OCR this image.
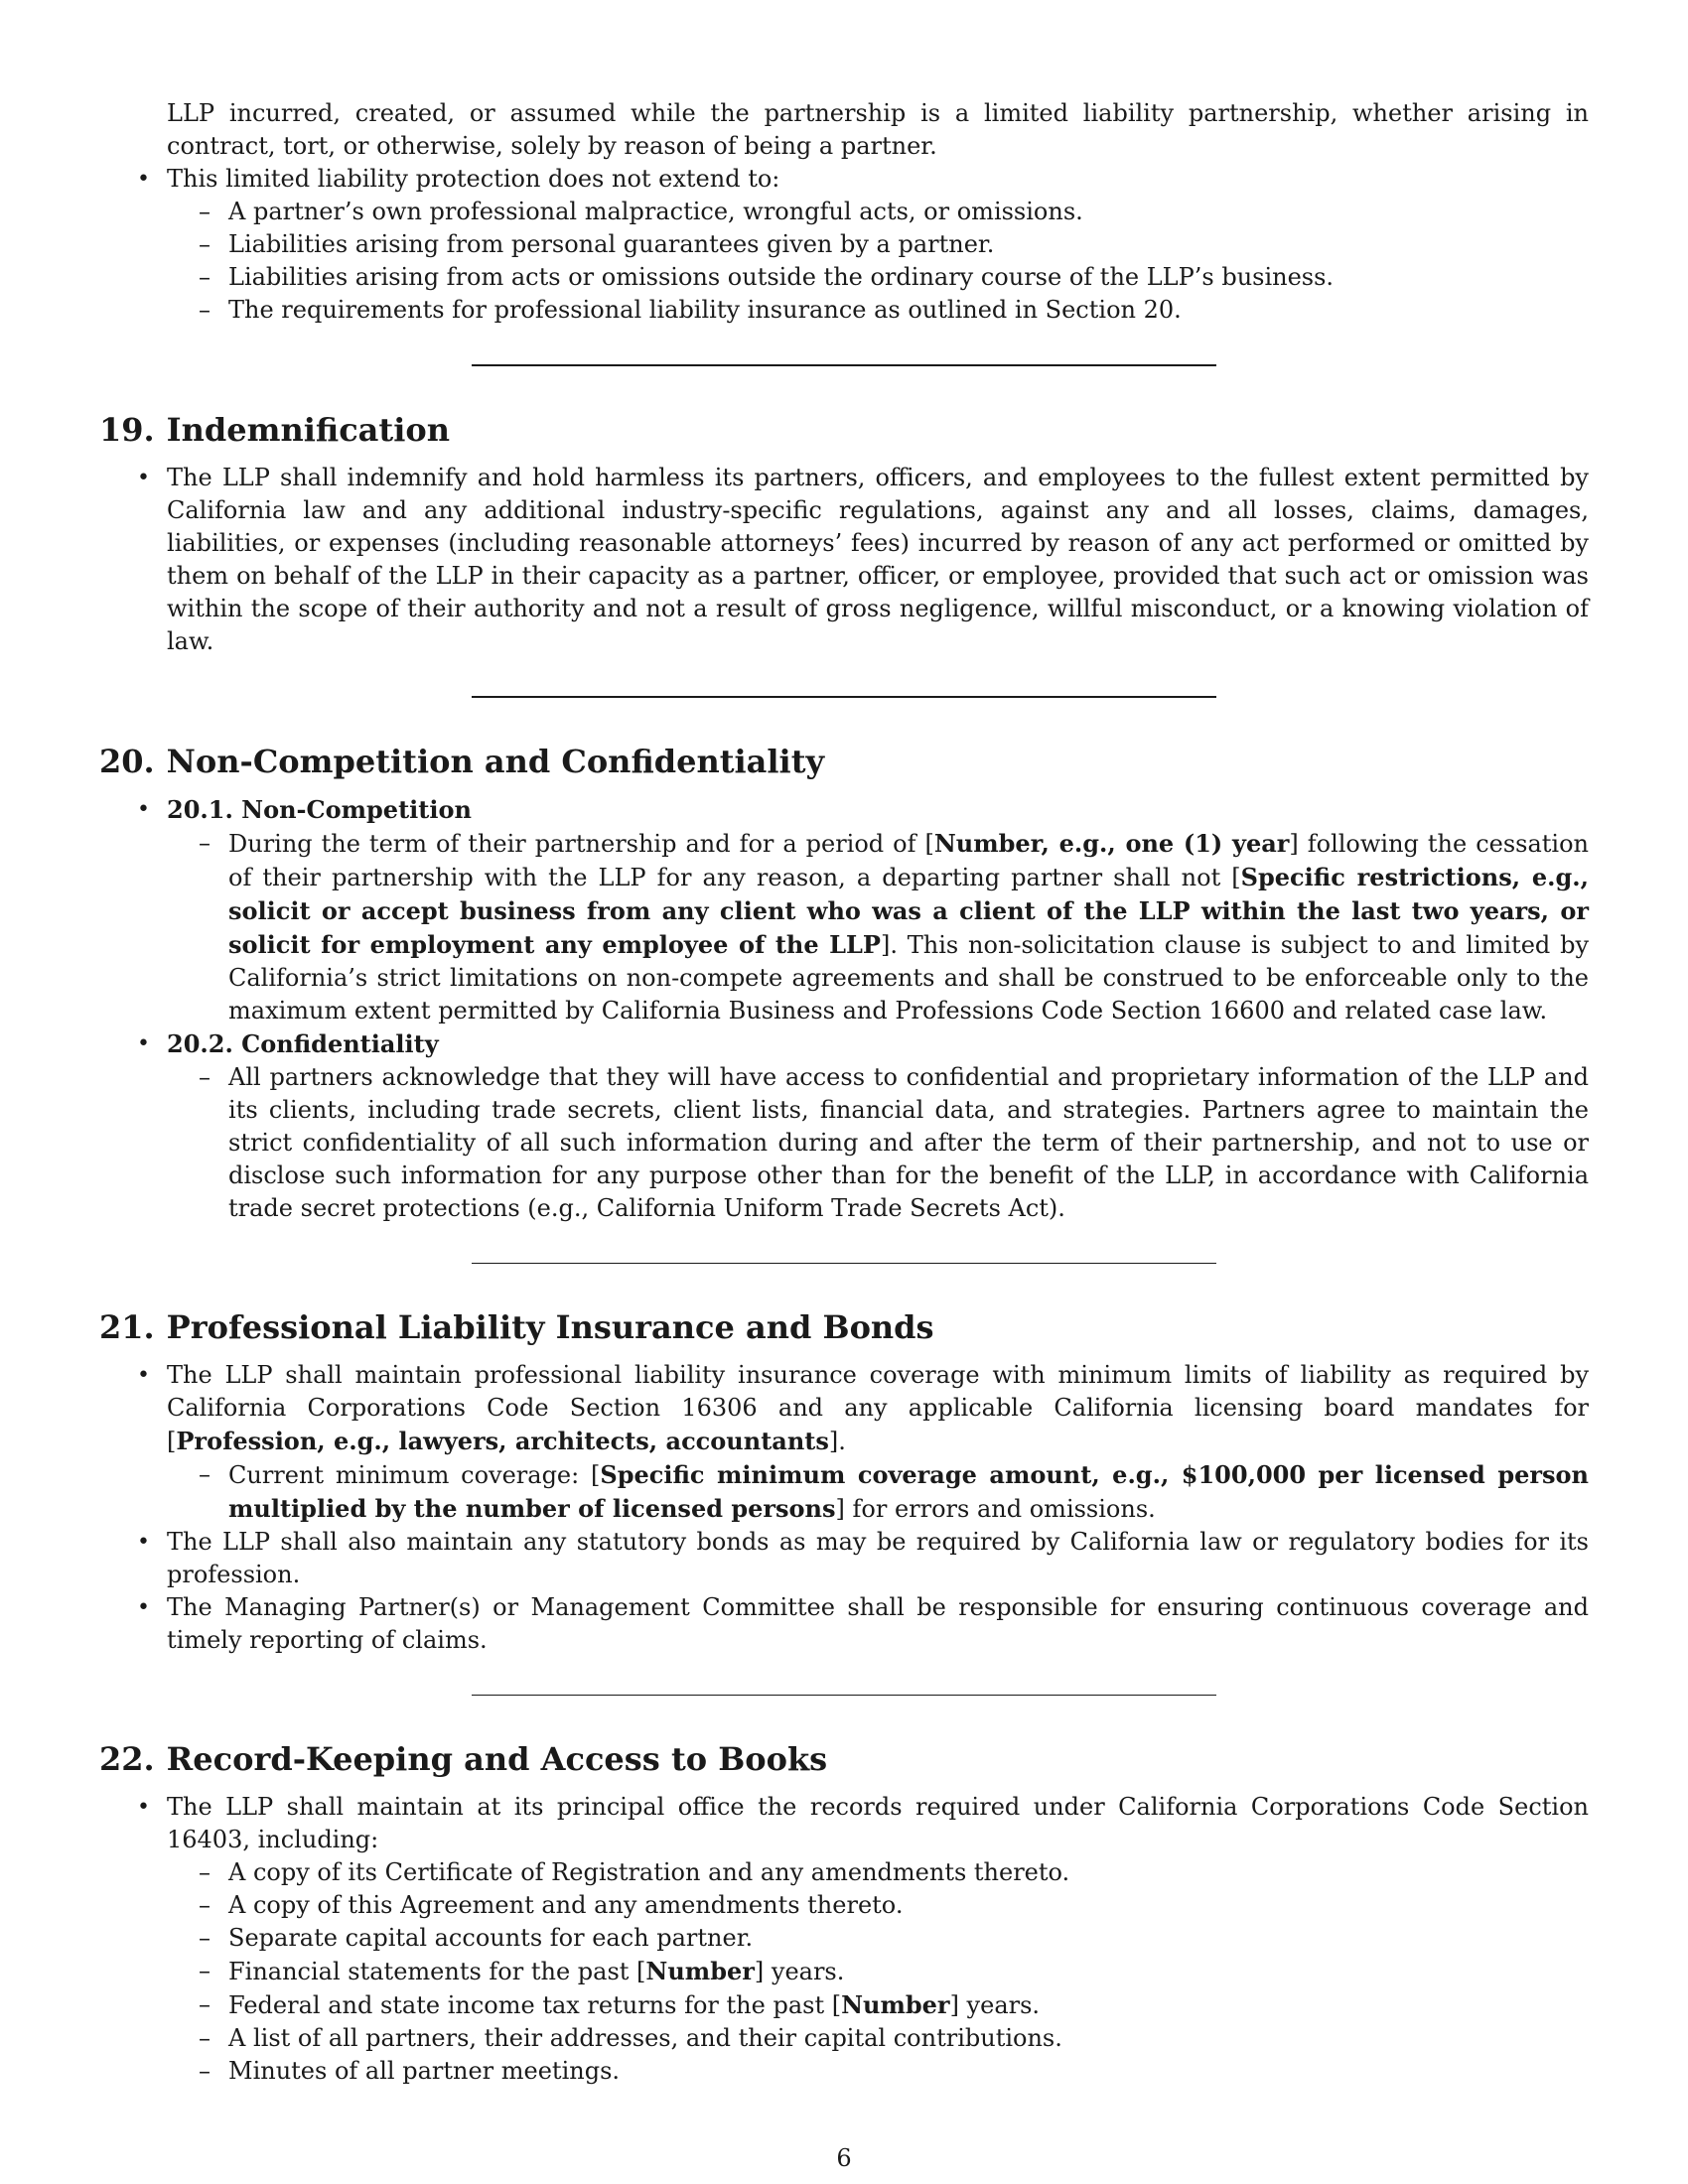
LLP incurred, created, or assumed while the partnership is a limited liability partnership, whether arising in contract, tort, or otherwise, solely by reason of being a partner.
• This limited liability protection does not extend to:
– A partner’s own professional malpractice, wrongful acts, or omissions.
– Liabilities arising from personal guarantees given by a partner.
– Liabilities arising from acts or omissions outside the ordinary course of the LLP’s business.
– The requirements for professional liability insurance as outlined in Section 20.
19. Indemnification
• The LLP shall indemnify and hold harmless its partners, officers, and employees to the fullest extent permitted by California law and any additional industry-specific regulations, against any and all losses, claims, damages, liabilities, or expenses (including reasonable attorneys’ fees) incurred by reason of any act performed or omitted by them on behalf of the LLP in their capacity as a partner, officer, or employee, provided that such act or omission was within the scope of their authority and not a result of gross negligence, willful misconduct, or a knowing violation of law.
20. Non-Competition and Confidentiality
• 20.1. Non-Competition
– During the term of their partnership and for a period of [Number, e.g., one (1) year] following the cessation of their partnership with the LLP for any reason, a departing partner shall not [Specific restrictions, e.g., solicit or accept business from any client who was a client of the LLP within the last two years, or solicit for employment any employee of the LLP]. This non-solicitation clause is subject to and limited by California’s strict limitations on non-compete agreements and shall be construed to be enforceable only to the maximum extent permitted by California Business and Professions Code Section 16600 and related case law.
• 20.2. Confidentiality
– All partners acknowledge that they will have access to confidential and proprietary information of the LLP and its clients, including trade secrets, client lists, financial data, and strategies. Partners agree to maintain the strict confidentiality of all such information during and after the term of their partnership, and not to use or disclose such information for any purpose other than for the benefit of the LLP, in accordance with California trade secret protections (e.g., California Uniform Trade Secrets Act).
21. Professional Liability Insurance and Bonds
• The LLP shall maintain professional liability insurance coverage with minimum limits of liability as required by California Corporations Code Section 16306 and any applicable California licensing board mandates for [Profession, e.g., lawyers, architects, accountants].
– Current minimum coverage: [Specific minimum coverage amount, e.g., $100,000 per licensed person multiplied by the number of licensed persons] for errors and omissions.
• The LLP shall also maintain any statutory bonds as may be required by California law or regulatory bodies for its profession.
• The Managing Partner(s) or Management Committee shall be responsible for ensuring continuous coverage and timely reporting of claims.
22. Record-Keeping and Access to Books
• The LLP shall maintain at its principal office the records required under California Corporations Code Section 16403, including:
– A copy of its Certificate of Registration and any amendments thereto.
– A copy of this Agreement and any amendments thereto.
– Separate capital accounts for each partner.
– Financial statements for the past [Number] years.
– Federal and state income tax returns for the past [Number] years.
– A list of all partners, their addresses, and their capital contributions.
– Minutes of all partner meetings.
6
